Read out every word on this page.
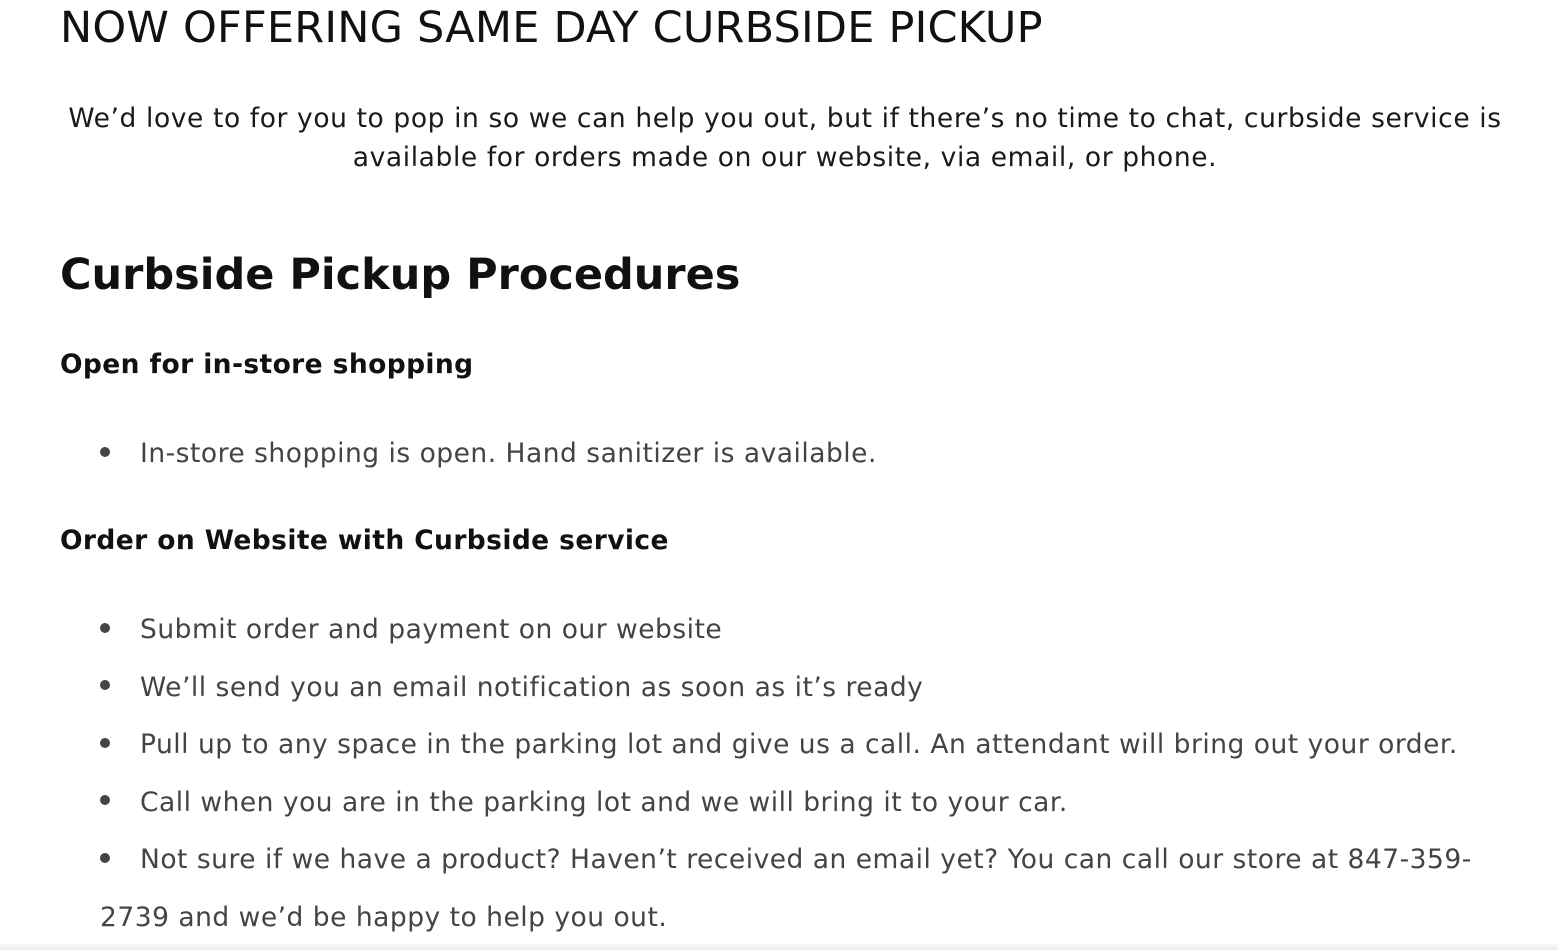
NOW OFFERING SAME DAY CURBSIDE PICKUP

We’d love to for you to pop in so we can help you out, but if there’s no time to chat, curbside service is available for orders made on our website, via email, or phone.

Curbside Pickup Procedures
Open for in-store shopping
In-store shopping is open. Hand sanitizer is available.
Order on Website with Curbside service
Submit order and payment on our website
We’ll send you an email notification as soon as it’s ready
Pull up to any space in the parking lot and give us a call. An attendant will bring out your order.
Call when you are in the parking lot and we will bring it to your car.
Not sure if we have a product? Haven’t received an email yet? You can call our store at 847-359-2739 and we’d be happy to help you out.
